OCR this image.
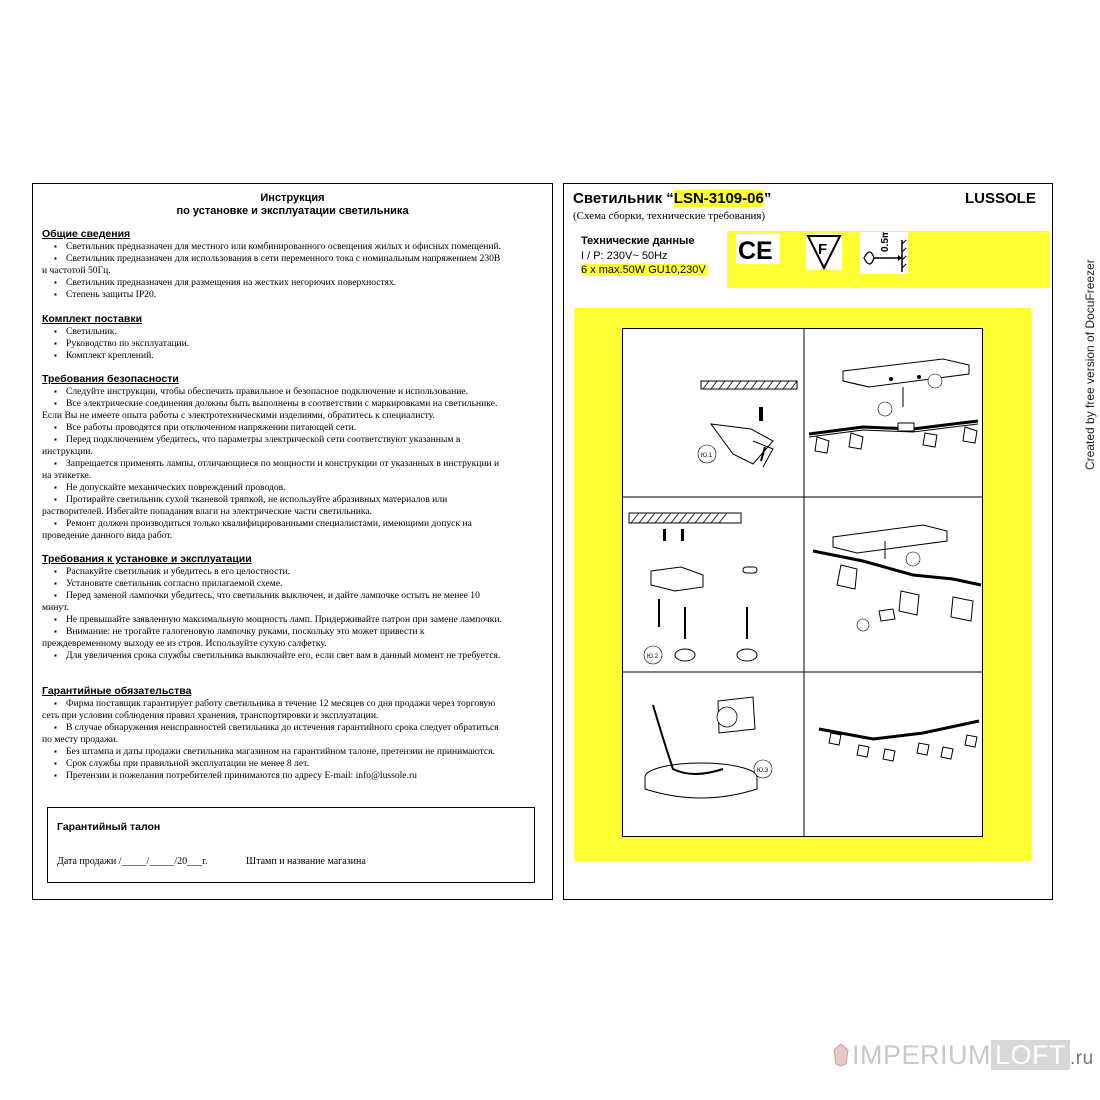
Инструкция
по установке и эксплуатации светильника
Общие сведения
▪ Светильник предназначен для местного или комбинированного освещения жилых и офисных помещений.
▪ Светильник предназначен для использования в сети переменного тока с номинальным напряжением 230В
и частотой 50Гц.
▪ Светильник предназначен для размещения на жестких негорючих поверхностях.
▪ Степень защиты IP20.
Комплект поставки
▪ Светильник.
▪ Руководство по эксплуатации.
▪ Комплект креплений.
Требования безопасности
▪ Следуйте инструкции, чтобы обеспечить правильное и безопасное подключение и использование.
▪ Все электрические соединения должны быть выполнены в соответствии с маркировками на светильнике.
Если Вы не имеете опыта работы с электротехническими изделиями, обратитесь к специалисту.
▪ Все работы проводятся при отключенном напряжении питающей сети.
▪ Перед подключением убедитесь, что параметры электрической сети соответствуют указанным в
инструкции.
▪ Запрещается применять лампы, отличающиеся по мощности и конструкции от указанных в инструкции и
на этикетке.
▪ Не допускайте механических повреждений проводов.
▪ Протирайте светильник сухой тканевой тряпкой, не используйте абразивных материалов или
растворителей. Избегайте попадания влаги на электрические части светильника.
▪ Ремонт должен производиться только квалифицированными специалистами, имеющими допуск на
проведение данного вида работ.
Требования к установке и эксплуатации
▪ Распакуйте светильник и убедитесь в его целостности.
▪ Установите светильник согласно прилагаемой схеме.
▪ Перед заменой лампочки убедитесь, что светильник выключен, и дайте лампочке остыть не менее 10
минут.
▪ Не превышайте заявленную максимальную мощность ламп. Придерживайте патрон при замене лампочки.
▪ Внимание: не трогайте галогеновую лампочку руками, поскольку это может привести к
преждевременному выходу ее из строя. Используйте сухую салфетку.
▪ Для увеличения срока службы светильника выключайте его, если свет вам в данный момент не требуется.
Гарантийные обязательства
▪ Фирма поставщик гарантирует работу светильника в течение 12 месяцев со дня продажи через торговую
сеть при условии соблюдения правил хранения, транспортировки и эксплуатации.
▪ В случае обнаружения неисправностей светильника до истечения гарантийного срока следует обратиться
по месту продажи.
▪ Без штампа и даты продажи светильника магазином на гарантийном талоне, претензии не принимаются.
▪ Срок службы при правильной эксплуатации не менее 8 лет.
▪ Претензии и пожелания потребителей принимаются по адресу E-mail: info@lussole.ru
Гарантийный талон
Дата продажи /_____/_____/20___г.	Штамп и название магазина
Светильник “LSN-3109-06”	LUSSOLE
(Схема сборки, технические требования)
Технические данные
I / P: 230V~ 50Hz
6 x max.50W GU10,230V
CE	F	0.5m
Ю.1
Ю.2
Ю.3
Created by free version of DocuFreezer
IMPERIUM LOFT .ru
